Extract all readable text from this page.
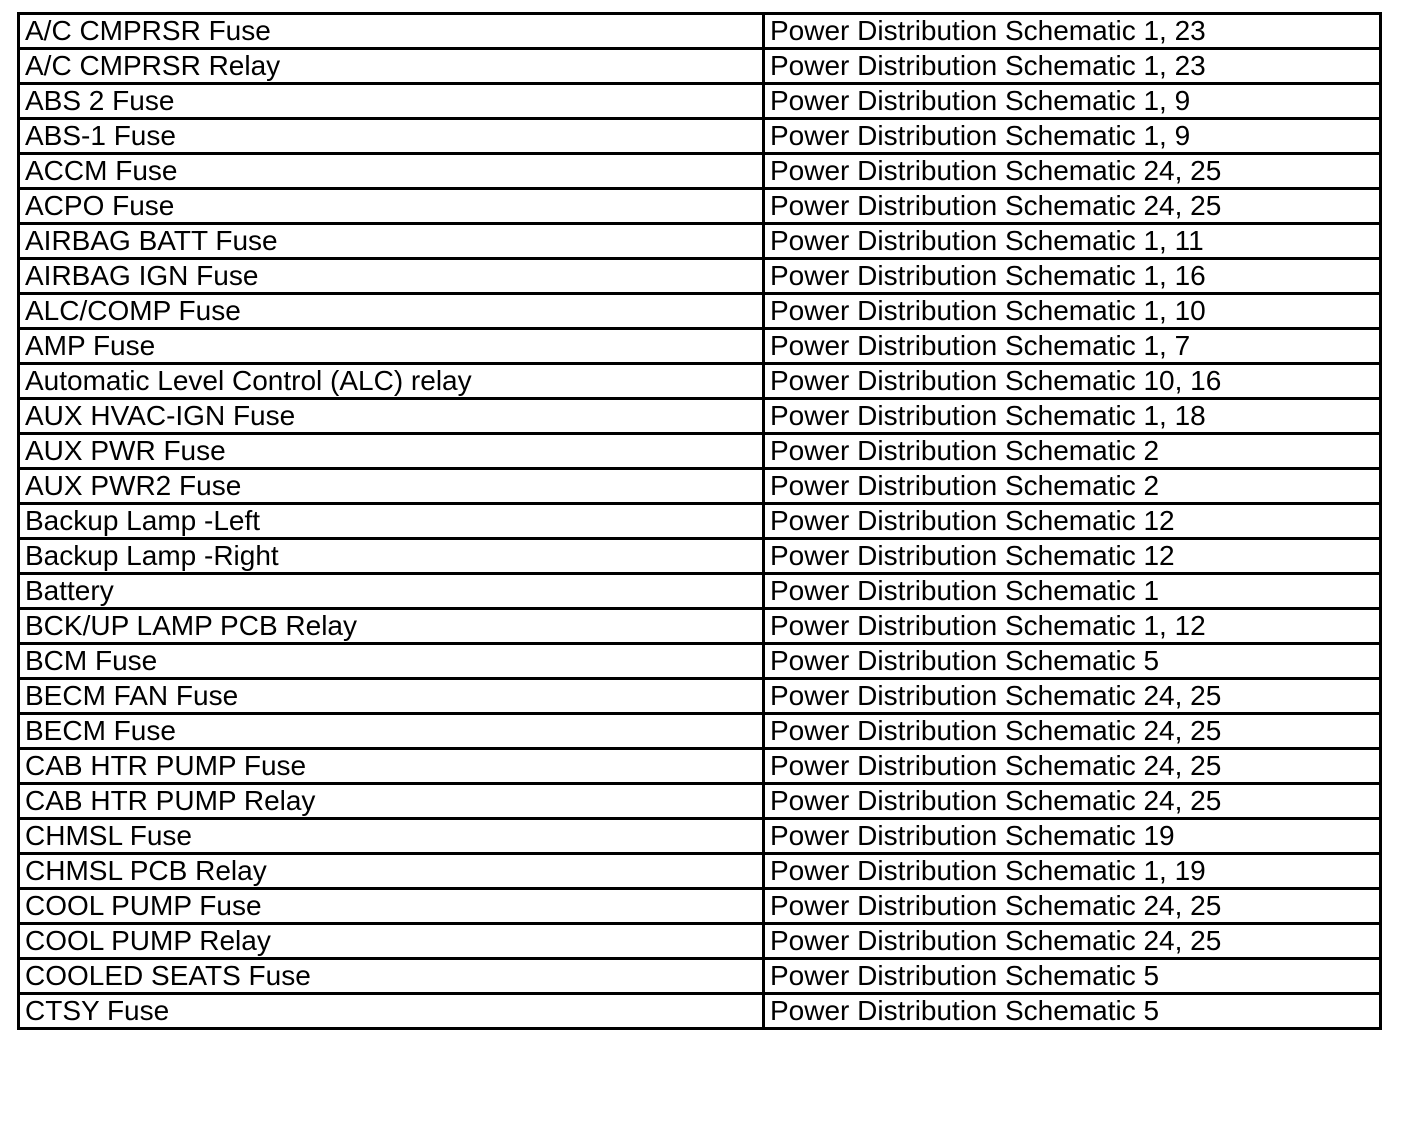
A/C CMPRSR Fuse	Power Distribution Schematic 1, 23
A/C CMPRSR Relay	Power Distribution Schematic 1, 23
ABS 2 Fuse	Power Distribution Schematic 1, 9
ABS-1 Fuse	Power Distribution Schematic 1, 9
ACCM Fuse	Power Distribution Schematic 24, 25
ACPO Fuse	Power Distribution Schematic 24, 25
AIRBAG BATT Fuse	Power Distribution Schematic 1, 11
AIRBAG IGN Fuse	Power Distribution Schematic 1, 16
ALC/COMP Fuse	Power Distribution Schematic 1, 10
AMP Fuse	Power Distribution Schematic 1, 7
Automatic Level Control (ALC) relay	Power Distribution Schematic 10, 16
AUX HVAC-IGN Fuse	Power Distribution Schematic 1, 18
AUX PWR Fuse	Power Distribution Schematic 2
AUX PWR2 Fuse	Power Distribution Schematic 2
Backup Lamp -Left	Power Distribution Schematic 12
Backup Lamp -Right	Power Distribution Schematic 12
Battery	Power Distribution Schematic 1
BCK/UP LAMP PCB Relay	Power Distribution Schematic 1, 12
BCM Fuse	Power Distribution Schematic 5
BECM FAN Fuse	Power Distribution Schematic 24, 25
BECM Fuse	Power Distribution Schematic 24, 25
CAB HTR PUMP Fuse	Power Distribution Schematic 24, 25
CAB HTR PUMP Relay	Power Distribution Schematic 24, 25
CHMSL Fuse	Power Distribution Schematic 19
CHMSL PCB Relay	Power Distribution Schematic 1, 19
COOL PUMP Fuse	Power Distribution Schematic 24, 25
COOL PUMP Relay	Power Distribution Schematic 24, 25
COOLED SEATS Fuse	Power Distribution Schematic 5
CTSY Fuse	Power Distribution Schematic 5
